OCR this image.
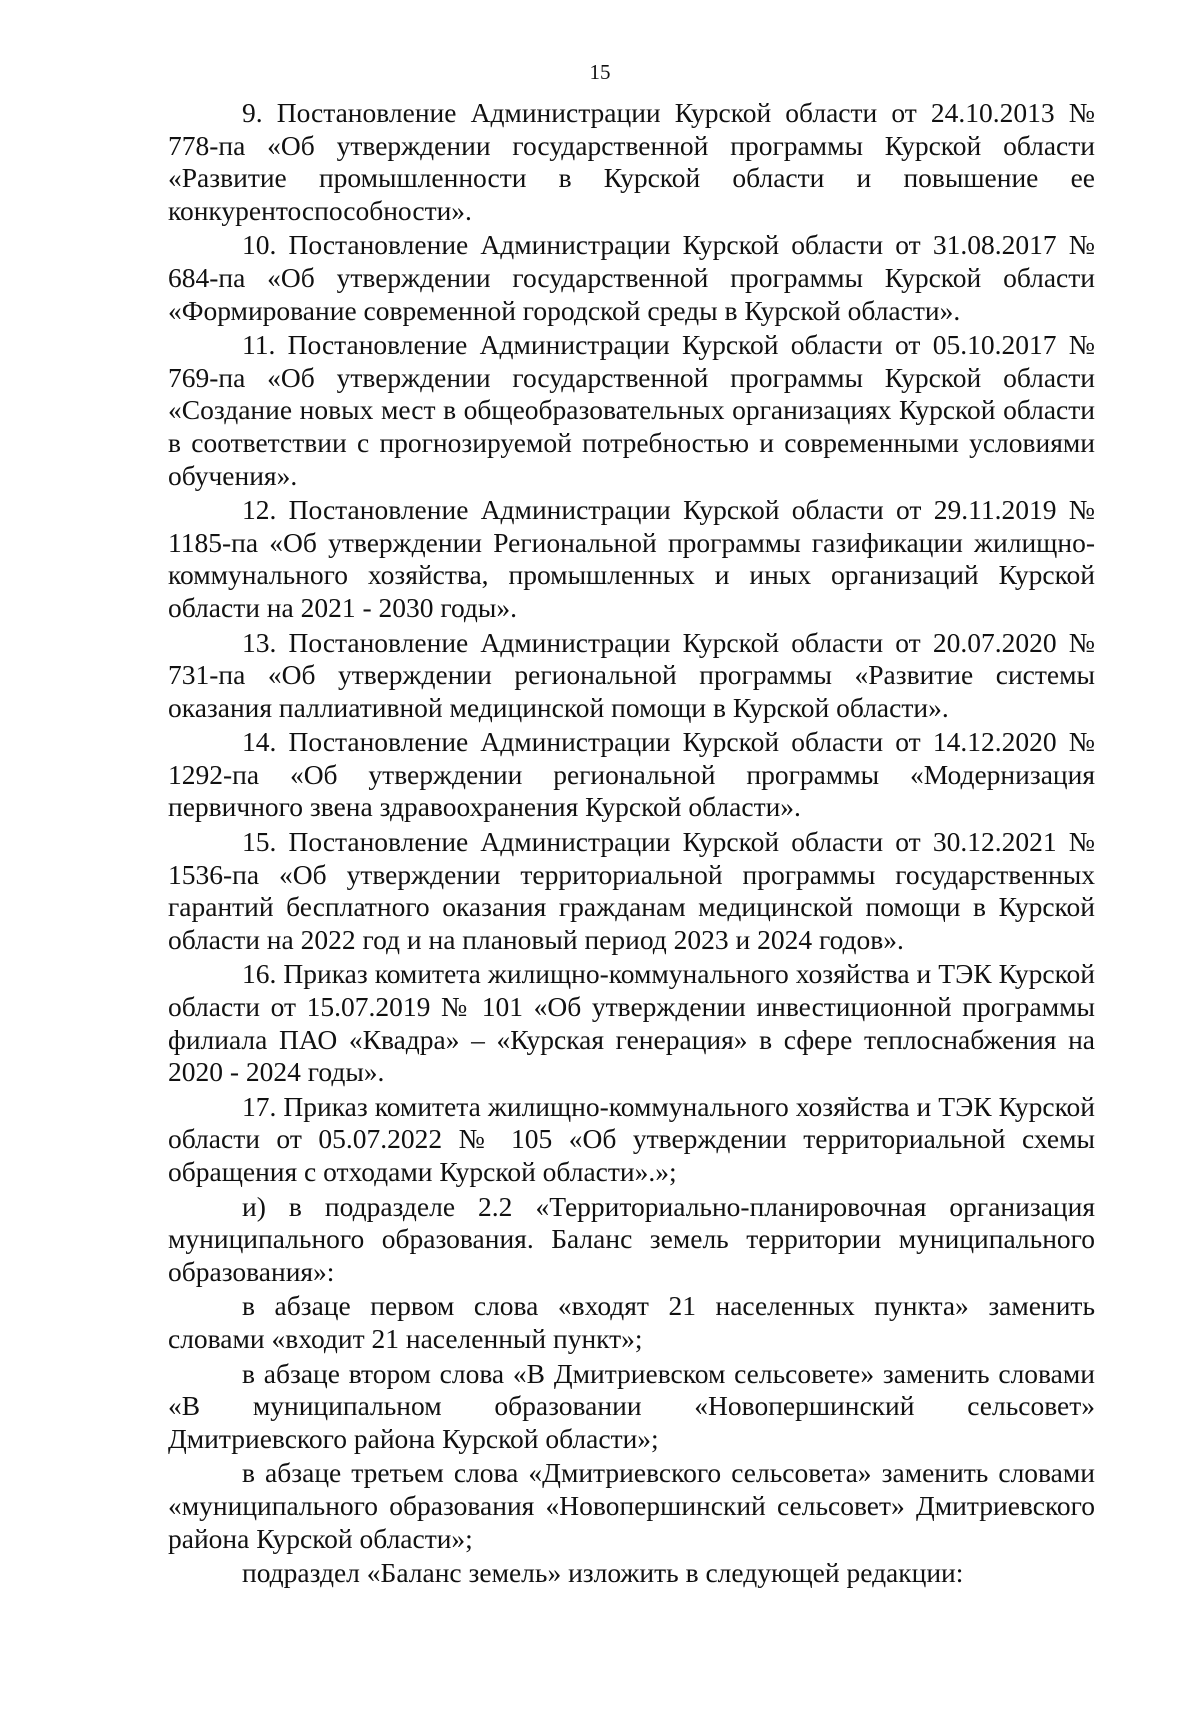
15

9. Постановление Администрации Курской области от 24.10.2013 № 778-па «Об утверждении государственной программы Курской области «Развитие промышленности в Курской области и повышение ее конкурентоспособности».

10. Постановление Администрации Курской области от 31.08.2017 № 684-па «Об утверждении государственной программы Курской области «Формирование современной городской среды в Курской области».

11. Постановление Администрации Курской области от 05.10.2017 № 769-па «Об утверждении государственной программы Курской области «Создание новых мест в общеобразовательных организациях Курской области в соответствии с прогнозируемой потребностью и современными условиями обучения».

12. Постановление Администрации Курской области от 29.11.2019 № 1185-па «Об утверждении Региональной программы газификации жилищно-коммунального хозяйства, промышленных и иных организаций Курской области на 2021 - 2030 годы».

13. Постановление Администрации Курской области от 20.07.2020 № 731-па «Об утверждении региональной программы «Развитие системы оказания паллиативной медицинской помощи в Курской области».

14. Постановление Администрации Курской области от 14.12.2020 № 1292-па «Об утверждении региональной программы «Модернизация первичного звена здравоохранения Курской области».

15. Постановление Администрации Курской области от 30.12.2021 № 1536-па «Об утверждении территориальной программы государственных гарантий бесплатного оказания гражданам медицинской помощи в Курской области на 2022 год и на плановый период 2023 и 2024 годов».

16. Приказ комитета жилищно-коммунального хозяйства и ТЭК Курской области от 15.07.2019 № 101 «Об утверждении инвестиционной программы филиала ПАО «Квадра» – «Курская генерация» в сфере теплоснабжения на 2020 - 2024 годы».

17. Приказ комитета жилищно-коммунального хозяйства и ТЭК Курской области от 05.07.2022 № 105 «Об утверждении территориальной схемы обращения с отходами Курской области».»;

и) в подразделе 2.2 «Территориально-планировочная организация муниципального образования. Баланс земель территории муниципального образования»:

в абзаце первом слова «входят 21 населенных пункта» заменить словами «входит 21 населенный пункт»;

в абзаце втором слова «В Дмитриевском сельсовете» заменить словами «В муниципальном образовании «Новопершинский сельсовет» Дмитриевского района Курской области»;

в абзаце третьем слова «Дмитриевского сельсовета» заменить словами «муниципального образования «Новопершинский сельсовет» Дмитриевского района Курской области»;

подраздел «Баланс земель» изложить в следующей редакции:
